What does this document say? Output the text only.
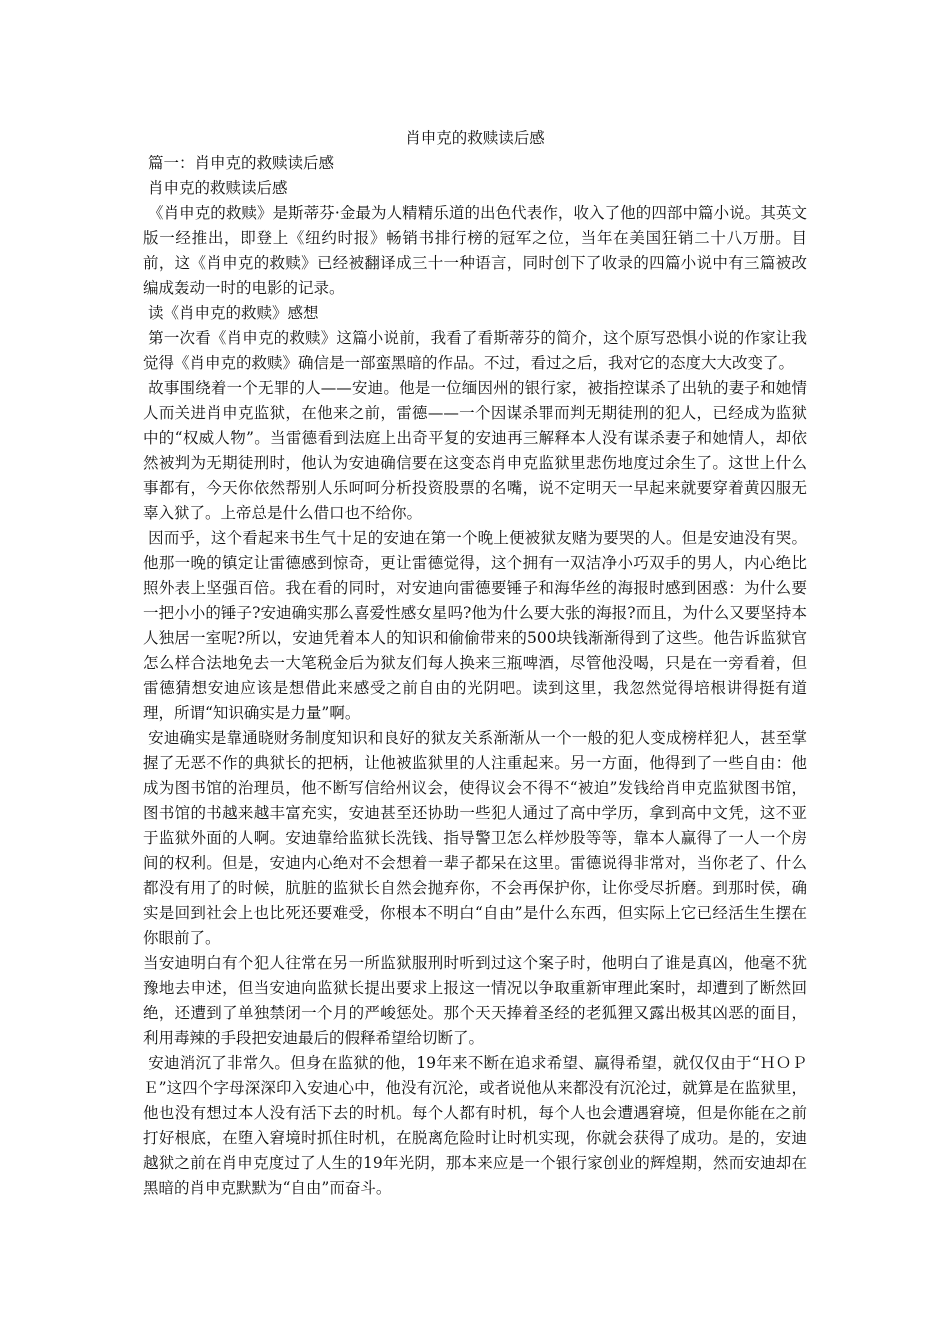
肖申克的救赎读后感

篇一：肖申克的救赎读后感

肖申克的救赎读后感

《肖申克的救赎》是斯蒂芬·金最为人精精乐道的出色代表作，收入了他的四部中篇小说。其英文版一经推出，即登上《纽约时报》畅销书排行榜的冠军之位，当年在美国狂销二十八万册。目前，这《肖申克的救赎》已经被翻译成三十一种语言，同时创下了收录的四篇小说中有三篇被改编成轰动一时的电影的记录。

读《肖申克的救赎》感想

第一次看《肖申克的救赎》这篇小说前，我看了看斯蒂芬的简介，这个原写恐惧小说的作家让我觉得《肖申克的救赎》确信是一部蛮黑暗的作品。不过，看过之后，我对它的态度大大改变了。

故事围绕着一个无罪的人——安迪。他是一位缅因州的银行家，被指控谋杀了出轨的妻子和她情人而关进肖申克监狱，在他来之前，雷德——一个因谋杀罪而判无期徒刑的犯人，已经成为监狱中的“权威人物”。当雷德看到法庭上出奇平复的安迪再三解释本人没有谋杀妻子和她情人，却依然被判为无期徒刑时，他认为安迪确信要在这变态肖申克监狱里悲伤地度过余生了。这世上什么事都有，今天你依然帮别人乐呵呵分析投资股票的名嘴，说不定明天一早起来就要穿着黄囚服无辜入狱了。上帝总是什么借口也不给你。

因而乎，这个看起来书生气十足的安迪在第一个晚上便被狱友赌为要哭的人。但是安迪没有哭。他那一晚的镇定让雷德感到惊奇，更让雷德觉得，这个拥有一双洁净小巧双手的男人，内心绝比照外表上坚强百倍。我在看的同时，对安迪向雷德要锤子和海华丝的海报时感到困惑：为什么要一把小小的锤子?安迪确实那么喜爱性感女星吗?他为什么要大张的海报?而且，为什么又要坚持本人独居一室呢?所以，安迪凭着本人的知识和偷偷带来的500块钱渐渐得到了这些。他告诉监狱官怎么样合法地免去一大笔税金后为狱友们每人换来三瓶啤酒，尽管他没喝，只是在一旁看着，但雷德猜想安迪应该是想借此来感受之前自由的光阴吧。读到这里，我忽然觉得培根讲得挺有道理，所谓“知识确实是力量”啊。

安迪确实是靠通晓财务制度知识和良好的狱友关系渐渐从一个一般的犯人变成榜样犯人，甚至掌握了无恶不作的典狱长的把柄，让他被监狱里的人注重起来。另一方面，他得到了一些自由：他成为图书馆的治理员，他不断写信给州议会，使得议会不得不“被迫”发钱给肖申克监狱图书馆，图书馆的书越来越丰富充实，安迪甚至还协助一些犯人通过了高中学历，拿到高中文凭，这不亚于监狱外面的人啊。安迪靠给监狱长洗钱、指导警卫怎么样炒股等等，靠本人赢得了一人一个房间的权利。但是，安迪内心绝对不会想着一辈子都呆在这里。雷德说得非常对，当你老了、什么都没有用了的时候，肮脏的监狱长自然会抛弃你，不会再保护你，让你受尽折磨。到那时侯，确实是回到社会上也比死还要难受，你根本不明白“自由”是什么东西，但实际上它已经活生生摆在你眼前了。

当安迪明白有个犯人往常在另一所监狱服刑时听到过这个案子时，他明白了谁是真凶，他毫不犹豫地去申述，但当安迪向监狱长提出要求上报这一情况以争取重新审理此案时，却遭到了断然回绝，还遭到了单独禁闭一个月的严峻惩处。那个天天捧着圣经的老狐狸又露出极其凶恶的面目，利用毒辣的手段把安迪最后的假释希望给切断了。

安迪消沉了非常久。但身在监狱的他，19年来不断在追求希望、赢得希望，就仅仅由于“ＨＯＰＥ”这四个字母深深印入安迪心中，他没有沉沦，或者说他从来都没有沉沦过，就算是在监狱里，他也没有想过本人没有活下去的时机。每个人都有时机，每个人也会遭遇窘境，但是你能在之前打好根底，在堕入窘境时抓住时机，在脱离危险时让时机实现，你就会获得了成功。是的，安迪越狱之前在肖申克度过了人生的19年光阴，那本来应是一个银行家创业的辉煌期，然而安迪却在黑暗的肖申克默默为“自由”而奋斗。
